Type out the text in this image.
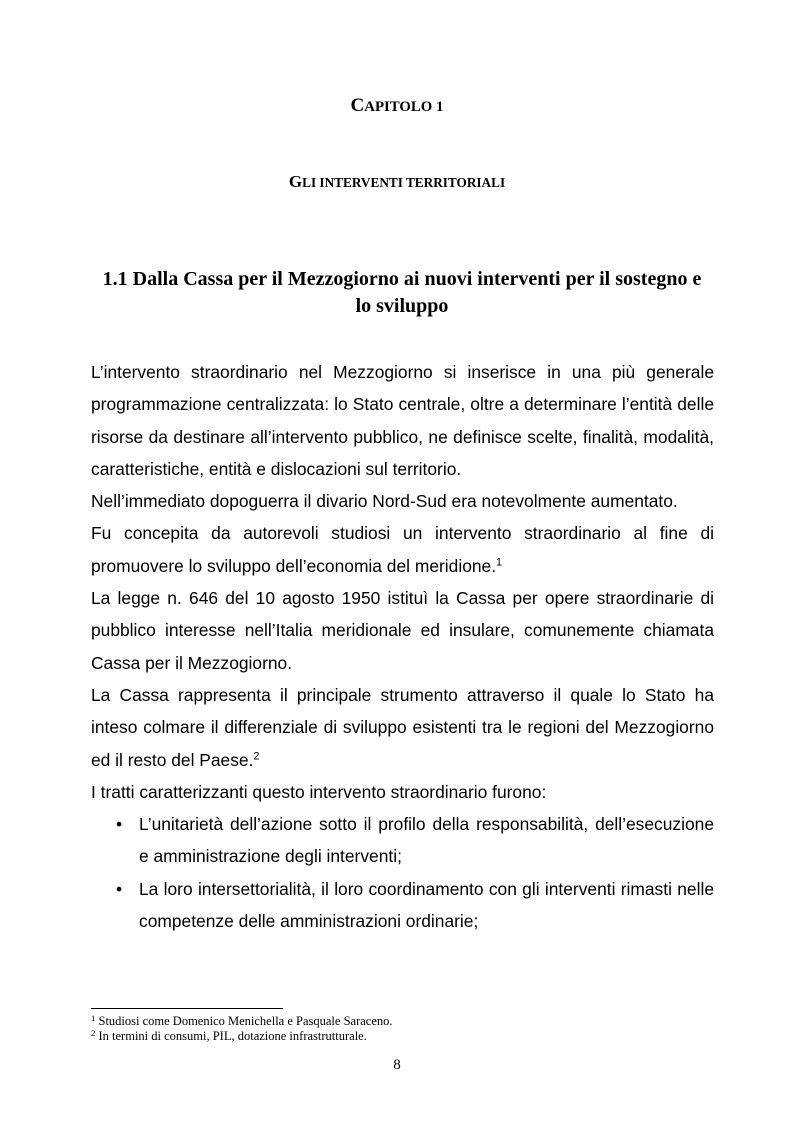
CAPITOLO 1
GLI INTERVENTI TERRITORIALI
1.1 Dalla Cassa per il Mezzogiorno ai nuovi interventi per il sostegno e lo sviluppo

L’intervento straordinario nel Mezzogiorno si inserisce in una più generale programmazione centralizzata: lo Stato centrale, oltre a determinare l’entità delle risorse da destinare all’intervento pubblico, ne definisce scelte, finalità, modalità, caratteristiche, entità e dislocazioni sul territorio.

Nell’immediato dopoguerra il divario Nord-Sud era notevolmente aumentato.

Fu concepita da autorevoli studiosi un intervento straordinario al fine di promuovere lo sviluppo dell’economia del meridione.$^1$

La legge n. 646 del 10 agosto 1950 istituì la Cassa per opere straordinarie di pubblico interesse nell’Italia meridionale ed insulare, comunemente chiamata Cassa per il Mezzogiorno.

La Cassa rappresenta il principale strumento attraverso il quale lo Stato ha inteso colmare il differenziale di sviluppo esistenti tra le regioni del Mezzogiorno ed il resto del Paese.$^2$

I tratti caratterizzanti questo intervento straordinario furono:

• L’unitarietà dell’azione sotto il profilo della responsabilità, dell’esecuzione e amministrazione degli interventi;
• La loro intersettorialità, il loro coordinamento con gli interventi rimasti nelle competenze delle amministrazioni ordinarie;
$^1$ Studiosi come Domenico Menichella e Pasquale Saraceno.
$^2$ In termini di consumi, PIL, dotazione infrastrutturale.
8
